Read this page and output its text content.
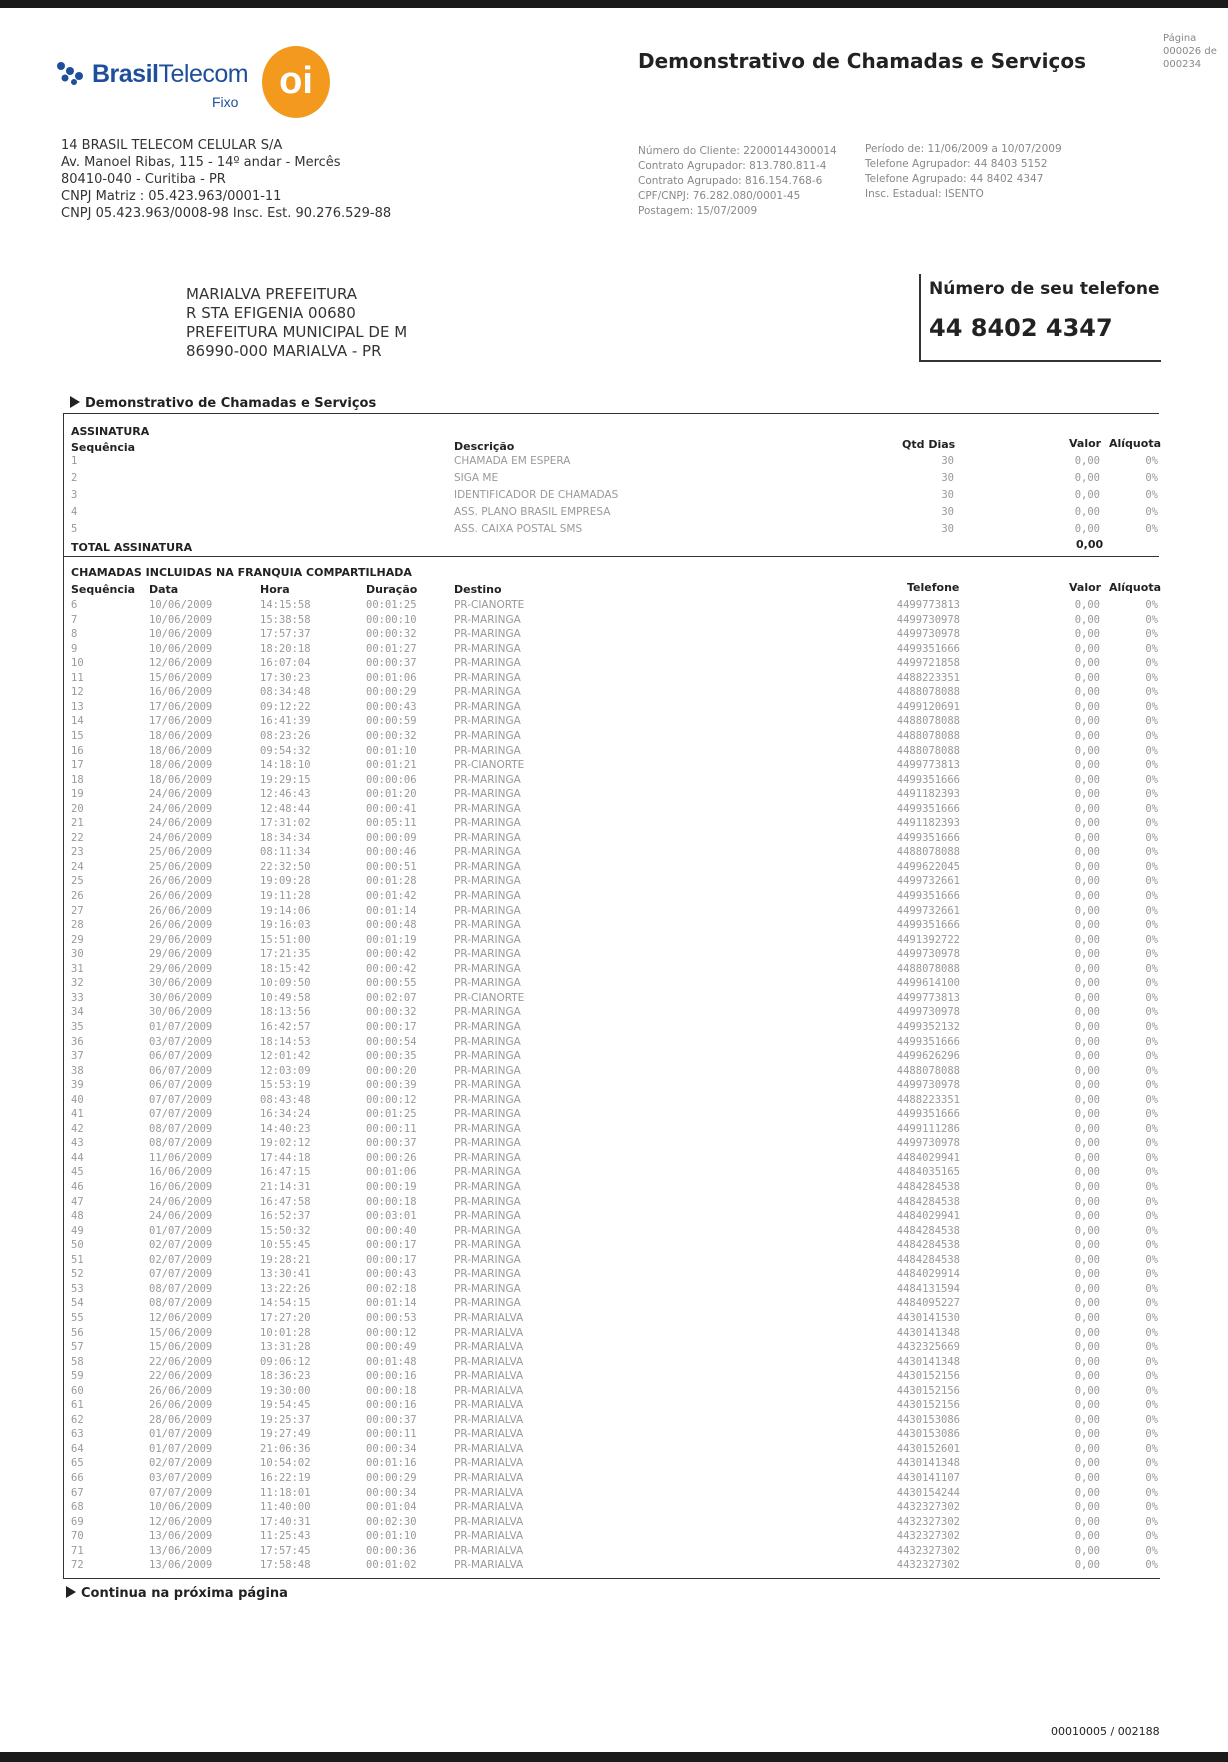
BrasilTelecom
Fixo	oi
14 BRASIL TELECOM CELULAR S/A
Av. Manoel Ribas, 115 - 14º andar - Mercês
80410-040 - Curitiba - PR
CNPJ Matriz : 05.423.963/0001-11
CNPJ 05.423.963/0008-98 Insc. Est. 90.276.529-88
Demonstrativo de Chamadas e Serviços
Página
000026 de
000234
Número do Cliente: 22000144300014
Contrato Agrupador: 813.780.811-4
Contrato Agrupado: 816.154.768-6
CPF/CNPJ: 76.282.080/0001-45
Postagem: 15/07/2009
Período de: 11/06/2009 a 10/07/2009
Telefone Agrupador: 44 8403 5152
Telefone Agrupado: 44 8402 4347
Insc. Estadual: ISENTO
MARIALVA PREFEITURA
R STA EFIGENIA 00680
PREFEITURA MUNICIPAL DE M
86990-000 MARIALVA - PR
Número de seu telefone
44 8402 4347
Demonstrativo de Chamadas e Serviços
ASSINATURA
Sequência	Descrição	Qtd Dias	Valor Alíquota
1	CHAMADA EM ESPERA	30	0,00	0%
2	SIGA ME	30	0,00	0%
3	IDENTIFICADOR DE CHAMADAS	30	0,00	0%
4	ASS. PLANO BRASIL EMPRESA	30	0,00	0%
5	ASS. CAIXA POSTAL SMS	30	0,00	0%
TOTAL ASSINATURA	0,00
CHAMADAS INCLUIDAS NA FRANQUIA COMPARTILHADA
Sequência Data	Hora	Duração	Destino	Telefone	Valor Alíquota
6	10/06/2009	14:15:58	00:01:25	PR-CIANORTE	4499773813	0,00	0%
7	10/06/2009	15:38:58	00:00:10	PR-MARINGA	4499730978	0,00	0%
8	10/06/2009	17:57:37	00:00:32	PR-MARINGA	4499730978	0,00	0%
9	10/06/2009	18:20:18	00:01:27	PR-MARINGA	4499351666	0,00	0%
10	12/06/2009	16:07:04	00:00:37	PR-MARINGA	4499721858	0,00	0%
11	15/06/2009	17:30:23	00:01:06	PR-MARINGA	4488223351	0,00	0%
12	16/06/2009	08:34:48	00:00:29	PR-MARINGA	4488078088	0,00	0%
13	17/06/2009	09:12:22	00:00:43	PR-MARINGA	4499120691	0,00	0%
14	17/06/2009	16:41:39	00:00:59	PR-MARINGA	4488078088	0,00	0%
15	18/06/2009	08:23:26	00:00:32	PR-MARINGA	4488078088	0,00	0%
16	18/06/2009	09:54:32	00:01:10	PR-MARINGA	4488078088	0,00	0%
17	18/06/2009	14:18:10	00:01:21	PR-CIANORTE	4499773813	0,00	0%
18	18/06/2009	19:29:15	00:00:06	PR-MARINGA	4499351666	0,00	0%
19	24/06/2009	12:46:43	00:01:20	PR-MARINGA	4491182393	0,00	0%
20	24/06/2009	12:48:44	00:00:41	PR-MARINGA	4499351666	0,00	0%
21	24/06/2009	17:31:02	00:05:11	PR-MARINGA	4491182393	0,00	0%
22	24/06/2009	18:34:34	00:00:09	PR-MARINGA	4499351666	0,00	0%
23	25/06/2009	08:11:34	00:00:46	PR-MARINGA	4488078088	0,00	0%
24	25/06/2009	22:32:50	00:00:51	PR-MARINGA	4499622045	0,00	0%
25	26/06/2009	19:09:28	00:01:28	PR-MARINGA	4499732661	0,00	0%
26	26/06/2009	19:11:28	00:01:42	PR-MARINGA	4499351666	0,00	0%
27	26/06/2009	19:14:06	00:01:14	PR-MARINGA	4499732661	0,00	0%
28	26/06/2009	19:16:03	00:00:48	PR-MARINGA	4499351666	0,00	0%
29	29/06/2009	15:51:00	00:01:19	PR-MARINGA	4491392722	0,00	0%
30	29/06/2009	17:21:35	00:00:42	PR-MARINGA	4499730978	0,00	0%
31	29/06/2009	18:15:42	00:00:42	PR-MARINGA	4488078088	0,00	0%
32	30/06/2009	10:09:50	00:00:55	PR-MARINGA	4499614100	0,00	0%
33	30/06/2009	10:49:58	00:02:07	PR-CIANORTE	4499773813	0,00	0%
34	30/06/2009	18:13:56	00:00:32	PR-MARINGA	4499730978	0,00	0%
35	01/07/2009	16:42:57	00:00:17	PR-MARINGA	4499352132	0,00	0%
36	03/07/2009	18:14:53	00:00:54	PR-MARINGA	4499351666	0,00	0%
37	06/07/2009	12:01:42	00:00:35	PR-MARINGA	4499626296	0,00	0%
38	06/07/2009	12:03:09	00:00:20	PR-MARINGA	4488078088	0,00	0%
39	06/07/2009	15:53:19	00:00:39	PR-MARINGA	4499730978	0,00	0%
40	07/07/2009	08:43:48	00:00:12	PR-MARINGA	4488223351	0,00	0%
41	07/07/2009	16:34:24	00:01:25	PR-MARINGA	4499351666	0,00	0%
42	08/07/2009	14:40:23	00:00:11	PR-MARINGA	4499111286	0,00	0%
43	08/07/2009	19:02:12	00:00:37	PR-MARINGA	4499730978	0,00	0%
44	11/06/2009	17:44:18	00:00:26	PR-MARINGA	4484029941	0,00	0%
45	16/06/2009	16:47:15	00:01:06	PR-MARINGA	4484035165	0,00	0%
46	16/06/2009	21:14:31	00:00:19	PR-MARINGA	4484284538	0,00	0%
47	24/06/2009	16:47:58	00:00:18	PR-MARINGA	4484284538	0,00	0%
48	24/06/2009	16:52:37	00:03:01	PR-MARINGA	4484029941	0,00	0%
49	01/07/2009	15:50:32	00:00:40	PR-MARINGA	4484284538	0,00	0%
50	02/07/2009	10:55:45	00:00:17	PR-MARINGA	4484284538	0,00	0%
51	02/07/2009	19:28:21	00:00:17	PR-MARINGA	4484284538	0,00	0%
52	07/07/2009	13:30:41	00:00:43	PR-MARINGA	4484029914	0,00	0%
53	08/07/2009	13:22:26	00:02:18	PR-MARINGA	4484131594	0,00	0%
54	08/07/2009	14:54:15	00:01:14	PR-MARINGA	4484095227	0,00	0%
55	12/06/2009	17:27:20	00:00:53	PR-MARIALVA	4430141530	0,00	0%
56	15/06/2009	10:01:28	00:00:12	PR-MARIALVA	4430141348	0,00	0%
57	15/06/2009	13:31:28	00:00:49	PR-MARIALVA	4432325669	0,00	0%
58	22/06/2009	09:06:12	00:01:48	PR-MARIALVA	4430141348	0,00	0%
59	22/06/2009	18:36:23	00:00:16	PR-MARIALVA	4430152156	0,00	0%
60	26/06/2009	19:30:00	00:00:18	PR-MARIALVA	4430152156	0,00	0%
61	26/06/2009	19:54:45	00:00:16	PR-MARIALVA	4430152156	0,00	0%
62	28/06/2009	19:25:37	00:00:37	PR-MARIALVA	4430153086	0,00	0%
63	01/07/2009	19:27:49	00:00:11	PR-MARIALVA	4430153086	0,00	0%
64	01/07/2009	21:06:36	00:00:34	PR-MARIALVA	4430152601	0,00	0%
65	02/07/2009	10:54:02	00:01:16	PR-MARIALVA	4430141348	0,00	0%
66	03/07/2009	16:22:19	00:00:29	PR-MARIALVA	4430141107	0,00	0%
67	07/07/2009	11:18:01	00:00:34	PR-MARIALVA	4430154244	0,00	0%
68	10/06/2009	11:40:00	00:01:04	PR-MARIALVA	4432327302	0,00	0%
69	12/06/2009	17:40:31	00:02:30	PR-MARIALVA	4432327302	0,00	0%
70	13/06/2009	11:25:43	00:01:10	PR-MARIALVA	4432327302	0,00	0%
71	13/06/2009	17:57:45	00:00:36	PR-MARIALVA	4432327302	0,00	0%
72	13/06/2009	17:58:48	00:01:02	PR-MARIALVA	4432327302	0,00	0%
Continua na próxima página
00010005 / 002188
